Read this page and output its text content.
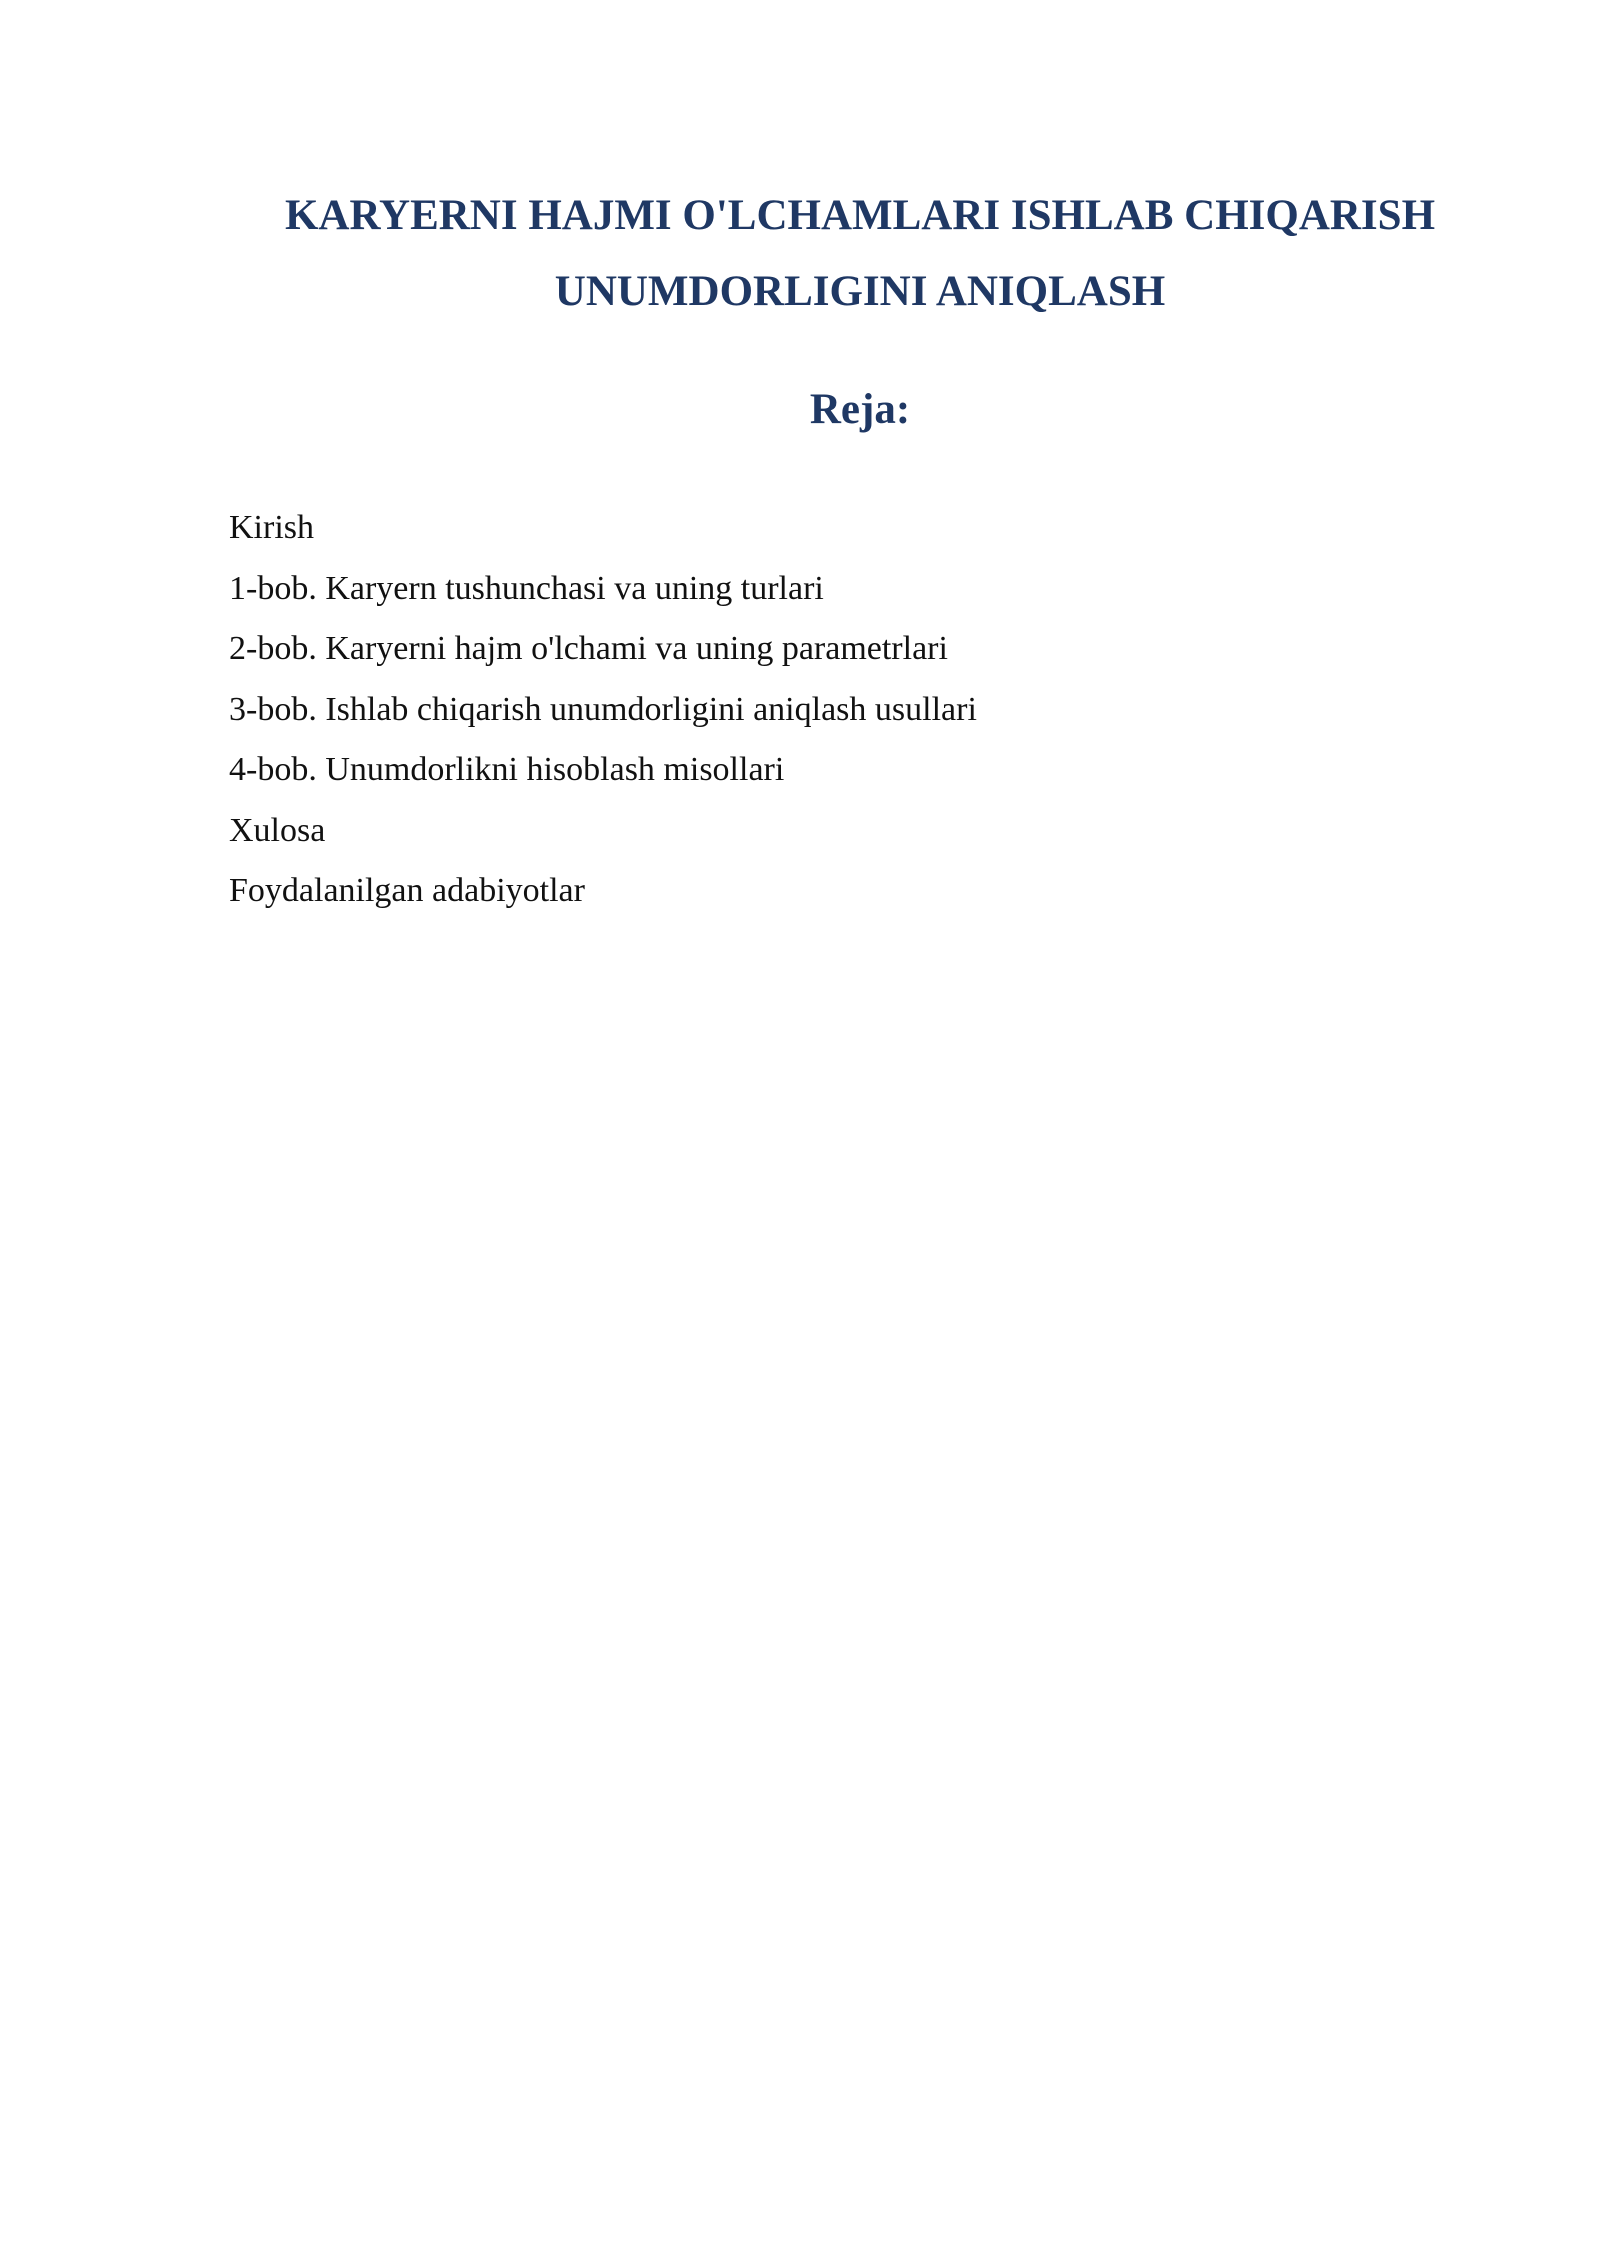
KARYERNI HAJMI O'LCHAMLARI ISHLAB CHIQARISH
UNUMDORLIGINI ANIQLASH
Reja:
Kirish
1-bob. Karyern tushunchasi va uning turlari
2-bob. Karyerni hajm o'lchami va uning parametrlari
3-bob. Ishlab chiqarish unumdorligini aniqlash usullari
4-bob. Unumdorlikni hisoblash misollari
Xulosa
Foydalanilgan adabiyotlar
